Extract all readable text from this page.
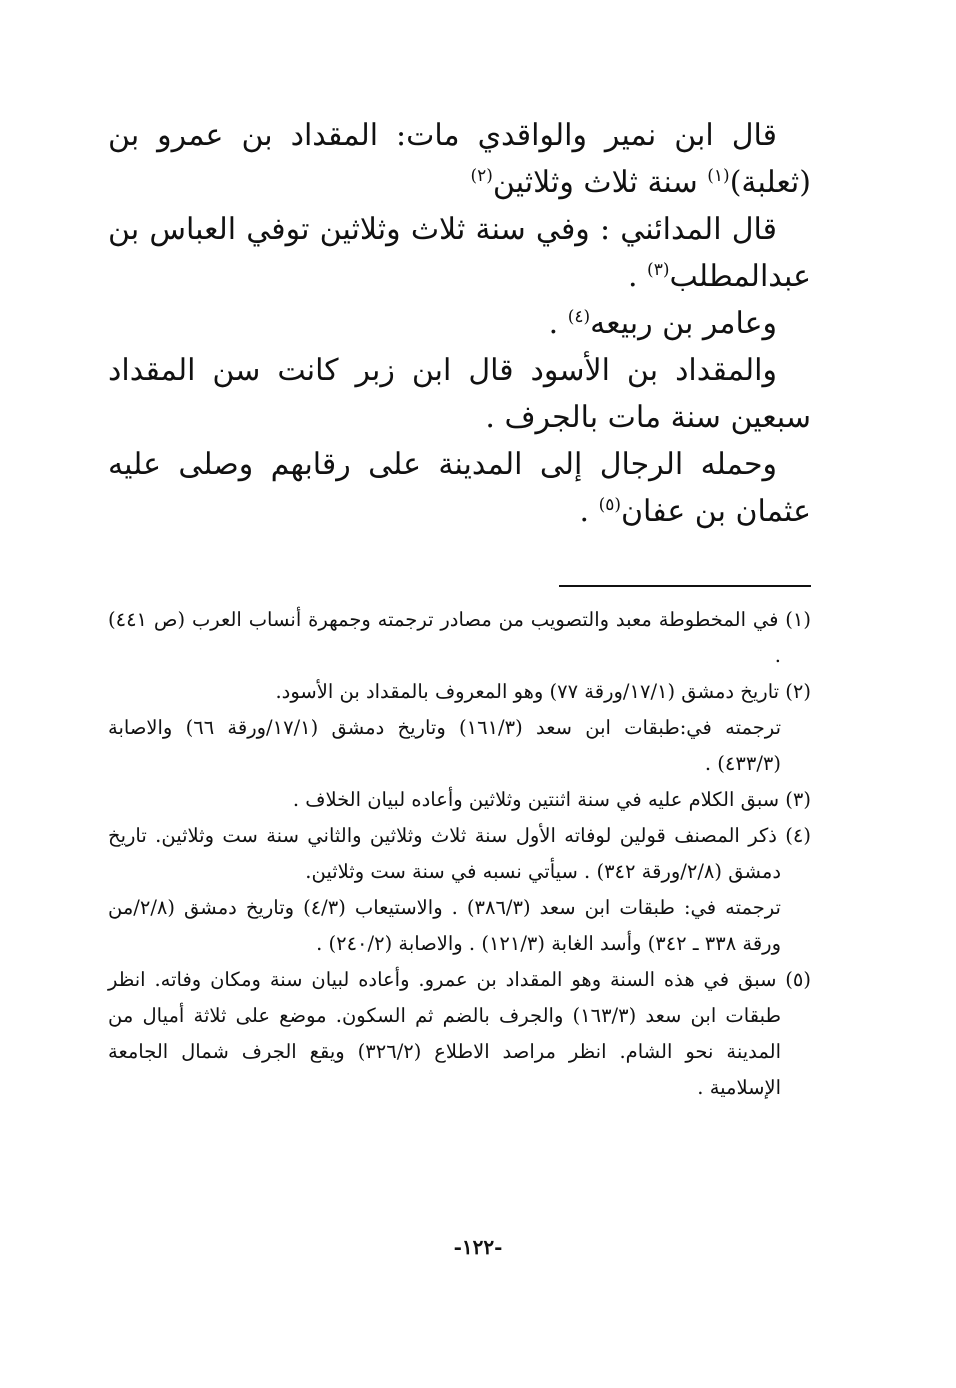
قال ابن نمير والواقدي مات: المقداد بن عمرو بن (ثعلبة)$^{(١)}$ سنة ثلاث وثلاثين$^{(٢)}$

قال المدائني : وفي سنة ثلاث وثلاثين توفي العباس بن عبدالمطلب$^{(٣)}$ .

وعامر بن ربيعه$^{(٤)}$ .

والمقداد بن الأسود قال ابن زبر كانت سن المقداد سبعين سنة مات بالجرف .

وحمله الرجال إلى المدينة على رقابهم وصلى عليه عثمان بن عفان$^{(٥)}$ .

(١) في المخطوطة معبد والتصويب من مصادر ترجمته وجمهرة أنساب العرب (ص ٤٤١) .

(٢) تاريخ دمشق (١٧/١/ورقة ٧٧) وهو المعروف بالمقداد بن الأسود.

ترجمته في:طبقات ابن سعد (١٦١/٣) وتاريخ دمشق (١٧/١/ورقة ٦٦) والاصابة (٤٣٣/٣) .

(٣) سبق الكلام عليه في سنة اثنتين وثلاثين وأعاده لبيان الخلاف .

(٤) ذكر المصنف قولين لوفاته الأول سنة ثلاث وثلاثين والثاني سنة ست وثلاثين. تاريخ دمشق (٢/٨/ورقة ٣٤٢) . سيأتي نسبه في سنة ست وثلاثين.

ترجمته في: طبقات ابن سعد (٣٨٦/٣) . والاستيعاب (٤/٣) وتاريخ دمشق (٢/٨/من ورقة ٣٣٨ ـ ٣٤٢) وأسد الغابة (١٢١/٣) . والاصابة (٢٤٠/٢) .

(٥) سبق في هذه السنة وهو المقداد بن عمرو. وأعاده لبيان سنة ومكان وفاته. انظر طبقات ابن سعد (١٦٣/٣) والجرف بالضم ثم السكون. موضع على ثلاثة أميال من المدينة نحو الشام. انظر مراصد الاطلاع (٣٢٦/٢) ويقع الجرف شمال الجامعة الإسلامية .

-١٢٢-
